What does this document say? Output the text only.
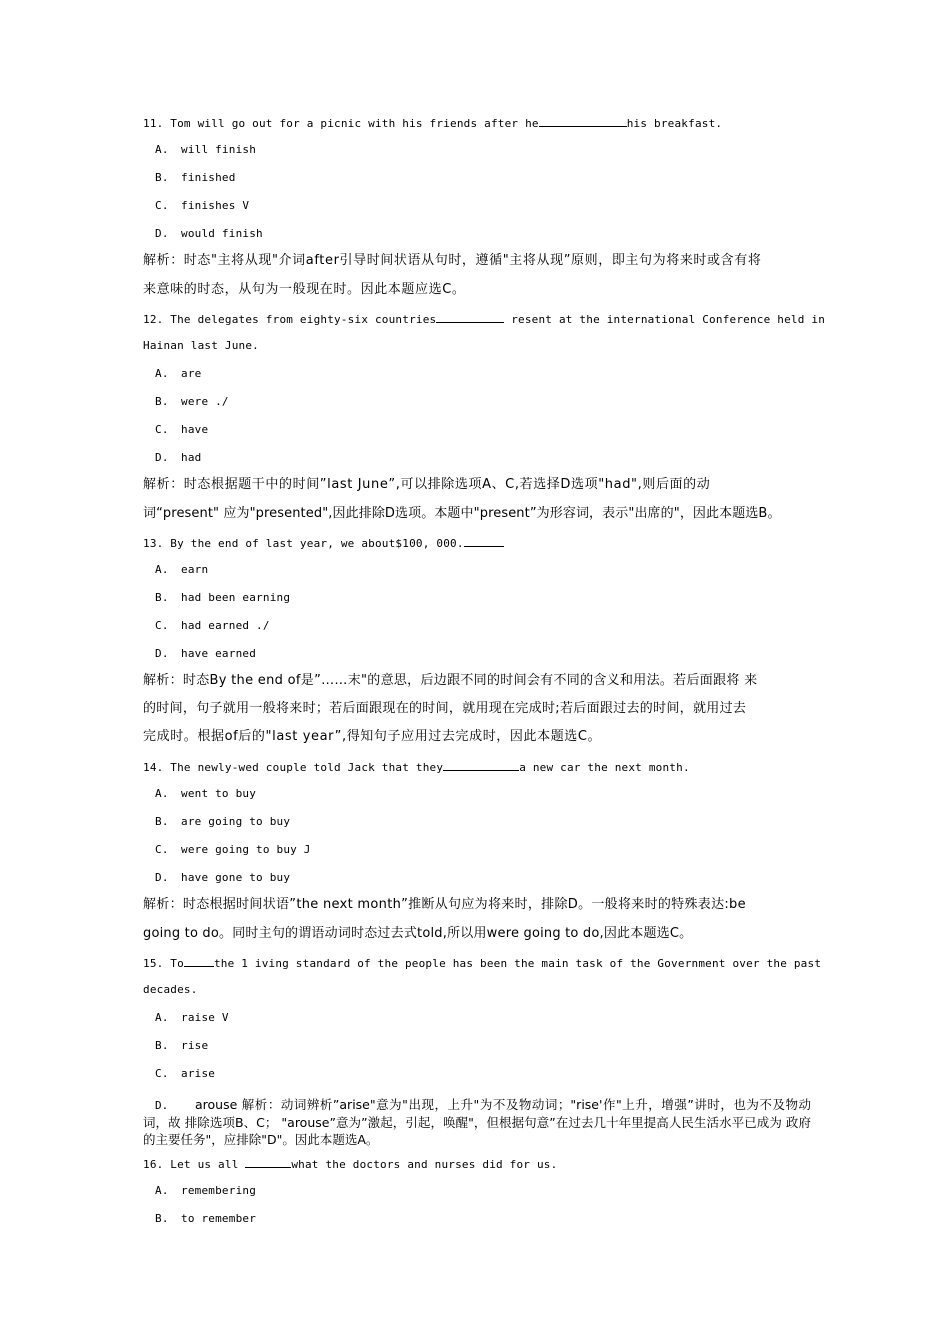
11. Tom will go out for a picnic with his friends after he	his breakfast.
A. will finish
B. finished
C. finishes V
D. would finish
解析：时态"主将从现"介词after引导时间状语从句时，遵循"主将从现”原则，即主句为将来时或含有将
来意味的时态，从句为一般现在时。因此本题应选C。
12. The delegates from eighty-six countries	resent at the international Conference held in
Hainan last June.
A. are
B. were ./
C. have
D. had
解析：时态根据题干中的时间”last June”,可以排除选项A、C,若选择D选项"had",则后面的动
词“present" 应为"presented",因此排除D选项。本题中"present”为形容词，表示"出席的"，因此本题选B。
13. By the end of last year, we about$100, 000.
A. earn
B. had been earning
C. had earned ./
D. have earned
解析：时态By the end of是”……末"的意思，后边跟不同的时间会有不同的含义和用法。若后面跟将 来
的时间，句子就用一般将来时；若后面跟现在的时间，就用现在完成时;若后面跟过去的时间，就用过去
完成时。根据of后的"last year”,得知句子应用过去完成时，因此本题选C。
14. The newly-wed couple told Jack that they	a new car the next month.
A. went to buy
B. are going to buy
C. were going to buy J
D. have gone to buy
解析：时态根据时间状语”the next month”推断从句应为将来时，排除D。一般将来时的特殊表达:be
going to do。同时主句的谓语动词时态过去式told,所以用were going to do,因此本题选C。
15. To	the 1 iving standard of the people has been the main task of the Government over the past
decades.
A. raise V
B. rise
C. arise
D. arouse 解析：动词辨析”arise"意为"出现，上升"为不及物动词；"rise'作"上升，增强”讲时，也为不及物动词，故 排除选项B、C； "arouse”意为”激起，引起，唤醒"，但根据句意”在过去几十年里提高人民生活水平已成为 政府的主要任务"，应排除"D"。因此本题选A。
16. Let us all	what the doctors and nurses did for us.
A. remembering
B. to remember
